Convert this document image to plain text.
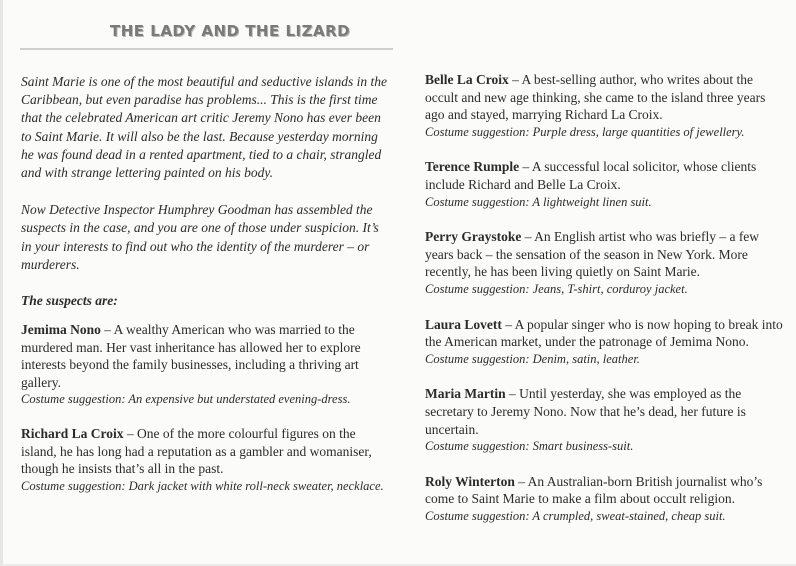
THE LADY AND THE LIZARD

Saint Marie is one of the most beautiful and seductive islands in the Caribbean, but even paradise has problems... This is the first time that the celebrated American art critic Jeremy Nono has ever been to Saint Marie. It will also be the last. Because yesterday morning he was found dead in a rented apartment, tied to a chair, strangled and with strange lettering painted on his body.

Now Detective Inspector Humphrey Goodman has assembled the suspects in the case, and you are one of those under suspicion. It’s in your interests to find out who the identity of the murderer – or murderers.

The suspects are:

Jemima Nono – A wealthy American who was married to the murdered man. Her vast inheritance has allowed her to explore interests beyond the family businesses, including a thriving art gallery.

Costume suggestion: An expensive but understated evening-dress.

Richard La Croix – One of the more colourful figures on the island, he has long had a reputation as a gambler and womaniser, though he insists that’s all in the past.

Costume suggestion: Dark jacket with white roll-neck sweater, necklace.

Belle La Croix – A best-selling author, who writes about the occult and new age thinking, she came to the island three years ago and stayed, marrying Richard La Croix.

Costume suggestion: Purple dress, large quantities of jewellery.

Terence Rumple – A successful local solicitor, whose clients include Richard and Belle La Croix.

Costume suggestion: A lightweight linen suit.

Perry Graystoke – An English artist who was briefly – a few years back – the sensation of the season in New York. More recently, he has been living quietly on Saint Marie.

Costume suggestion: Jeans, T-shirt, corduroy jacket.

Laura Lovett – A popular singer who is now hoping to break into the American market, under the patronage of Jemima Nono.

Costume suggestion: Denim, satin, leather.

Maria Martin – Until yesterday, she was employed as the secretary to Jeremy Nono. Now that he’s dead, her future is uncertain.

Costume suggestion: Smart business-suit.

Roly Winterton – An Australian-born British journalist who’s come to Saint Marie to make a film about occult religion.

Costume suggestion: A crumpled, sweat-stained, cheap suit.
